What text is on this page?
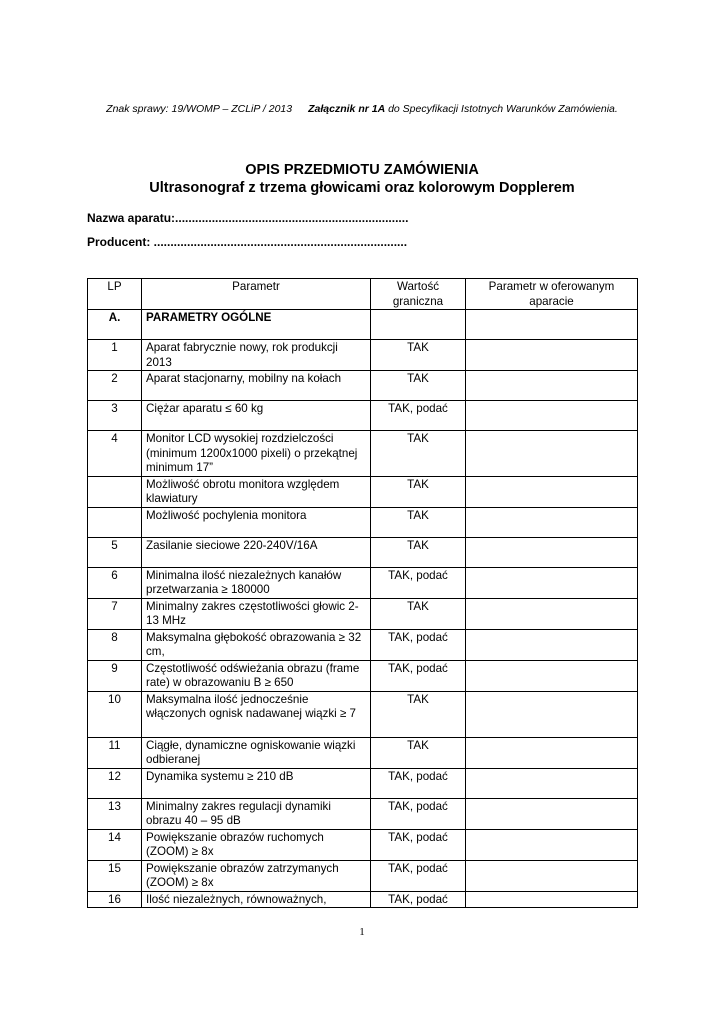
Znak sprawy: 19/WOMP – ZCLiP / 2013 Załącznik nr 1A do Specyfikacji Istotnych Warunków Zamówienia.
OPIS PRZEDMIOTU ZAMÓWIENIA
Ultrasonograf z trzema głowicami oraz kolorowym Dopplerem
Nazwa aparatu:......................................................................
Producent: ............................................................................
LP	Parametr	Wartość graniczna	Parametr w oferowanym aparacie
A.	PARAMETRY OGÓLNE		
1	Aparat fabrycznie nowy, rok produkcji 2013	TAK	
2	Aparat stacjonarny, mobilny na kołach	TAK	
3	Ciężar aparatu ≤ 60 kg	TAK, podać	
4	Monitor LCD wysokiej rozdzielczości (minimum 1200x1000 pixeli) o przekątnej minimum 17”	TAK	
	Możliwość obrotu monitora względem klawiatury	TAK	
	Możliwość pochylenia monitora	TAK	
5	Zasilanie sieciowe 220-240V/16A	TAK	
6	Minimalna ilość niezależnych kanałów przetwarzania ≥ 180000	TAK, podać	
7	Minimalny zakres częstotliwości głowic 2-13 MHz	TAK	
8	Maksymalna głębokość obrazowania ≥ 32 cm,	TAK, podać	
9	Częstotliwość odświeżania obrazu (frame rate) w obrazowaniu B ≥ 650	TAK, podać	
10	Maksymalna ilość jednocześnie włączonych ognisk nadawanej wiązki ≥ 7	TAK	
11	Ciągłe, dynamiczne ogniskowanie wiązki odbieranej	TAK	
12	Dynamika systemu ≥ 210 dB	TAK, podać	
13	Minimalny zakres regulacji dynamiki obrazu 40 – 95 dB	TAK, podać	
14	Powiększanie obrazów ruchomych (ZOOM) ≥ 8x	TAK, podać	
15	Powiększanie obrazów zatrzymanych (ZOOM) ≥ 8x	TAK, podać	
16	Ilość niezależnych, równoważnych,	TAK, podać	
1
